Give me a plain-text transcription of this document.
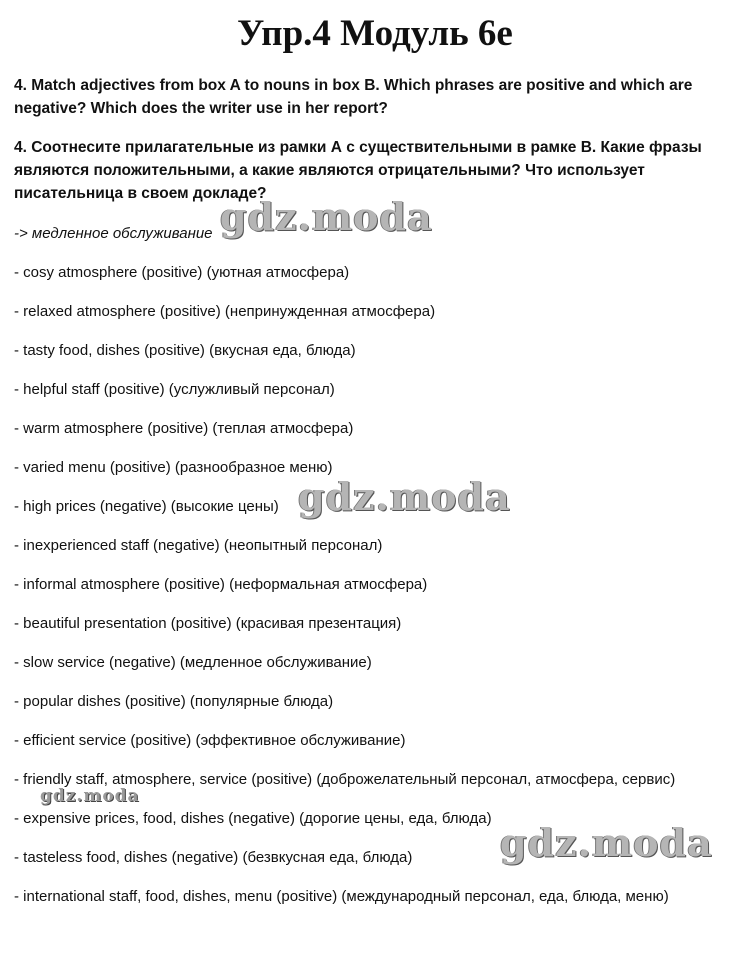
Упр.4 Модуль 6е
4. Match adjectives from box A to nouns in box B. Which phrases are positive and which are negative? Which does the writer use in her report?
4. Соотнесите прилагательные из рамки А с существительными в рамке В. Какие фразы являются положительными, а какие являются отрицательными? Что использует писательница в своем докладе?
-> медленное обслуживание
- cosy atmosphere (positive) (уютная атмосфера)
- relaxed atmosphere (positive) (непринужденная атмосфера)
- tasty food, dishes (positive) (вкусная еда, блюда)
- helpful staff (positive) (услужливый персонал)
- warm atmosphere (positive) (теплая атмосфера)
- varied menu (positive) (разнообразное меню)
- high prices (negative) (высокие цены)
- inexperienced staff (negative) (неопытный персонал)
- informal atmosphere (positive) (неформальная атмосфера)
- beautiful presentation (positive) (красивая презентация)
- slow service (negative) (медленное обслуживание)
- popular dishes (positive) (популярные блюда)
- efficient service (positive) (эффективное обслуживание)
- friendly staff, atmosphere, service (positive) (доброжелательный персонал, атмосфера, сервис)
- expensive prices, food, dishes (negative) (дорогие цены, еда, блюда)
- tasteless food, dishes (negative) (безвкусная еда, блюда)
- international staff, food, dishes, menu (positive) (международный персонал, еда, блюда, меню)
gdz.moda
gdz.moda
gdz.moda
gdz.moda
